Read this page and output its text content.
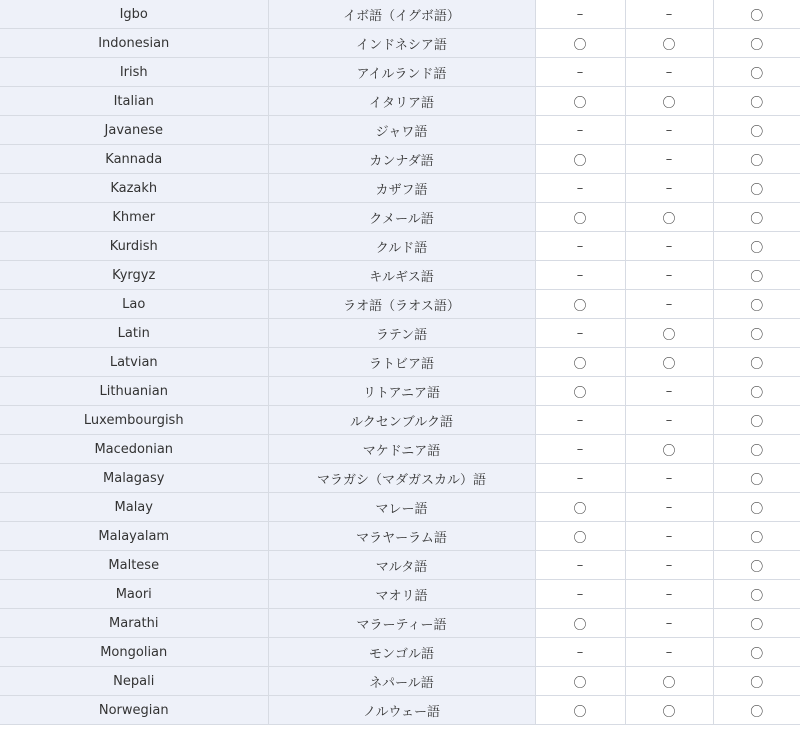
Igbo	イボ語（イグボ語）	–	–	〇
Indonesian	インドネシア語	〇	〇	〇
Irish	アイルランド語	–	–	〇
Italian	イタリア語	〇	〇	〇
Javanese	ジャワ語	–	–	〇
Kannada	カンナダ語	〇	–	〇
Kazakh	カザフ語	–	–	〇
Khmer	クメール語	〇	〇	〇
Kurdish	クルド語	–	–	〇
Kyrgyz	キルギス語	–	–	〇
Lao	ラオ語（ラオス語）	〇	–	〇
Latin	ラテン語	–	〇	〇
Latvian	ラトビア語	〇	〇	〇
Lithuanian	リトアニア語	〇	–	〇
Luxembourgish	ルクセンブルク語	–	–	〇
Macedonian	マケドニア語	–	〇	〇
Malagasy	マラガシ（マダガスカル）語	–	–	〇
Malay	マレー語	〇	–	〇
Malayalam	マラヤーラム語	〇	–	〇
Maltese	マルタ語	–	–	〇
Maori	マオリ語	–	–	〇
Marathi	マラーティー語	〇	–	〇
Mongolian	モンゴル語	–	–	〇
Nepali	ネパール語	〇	〇	〇
Norwegian	ノルウェー語	〇	〇	〇
